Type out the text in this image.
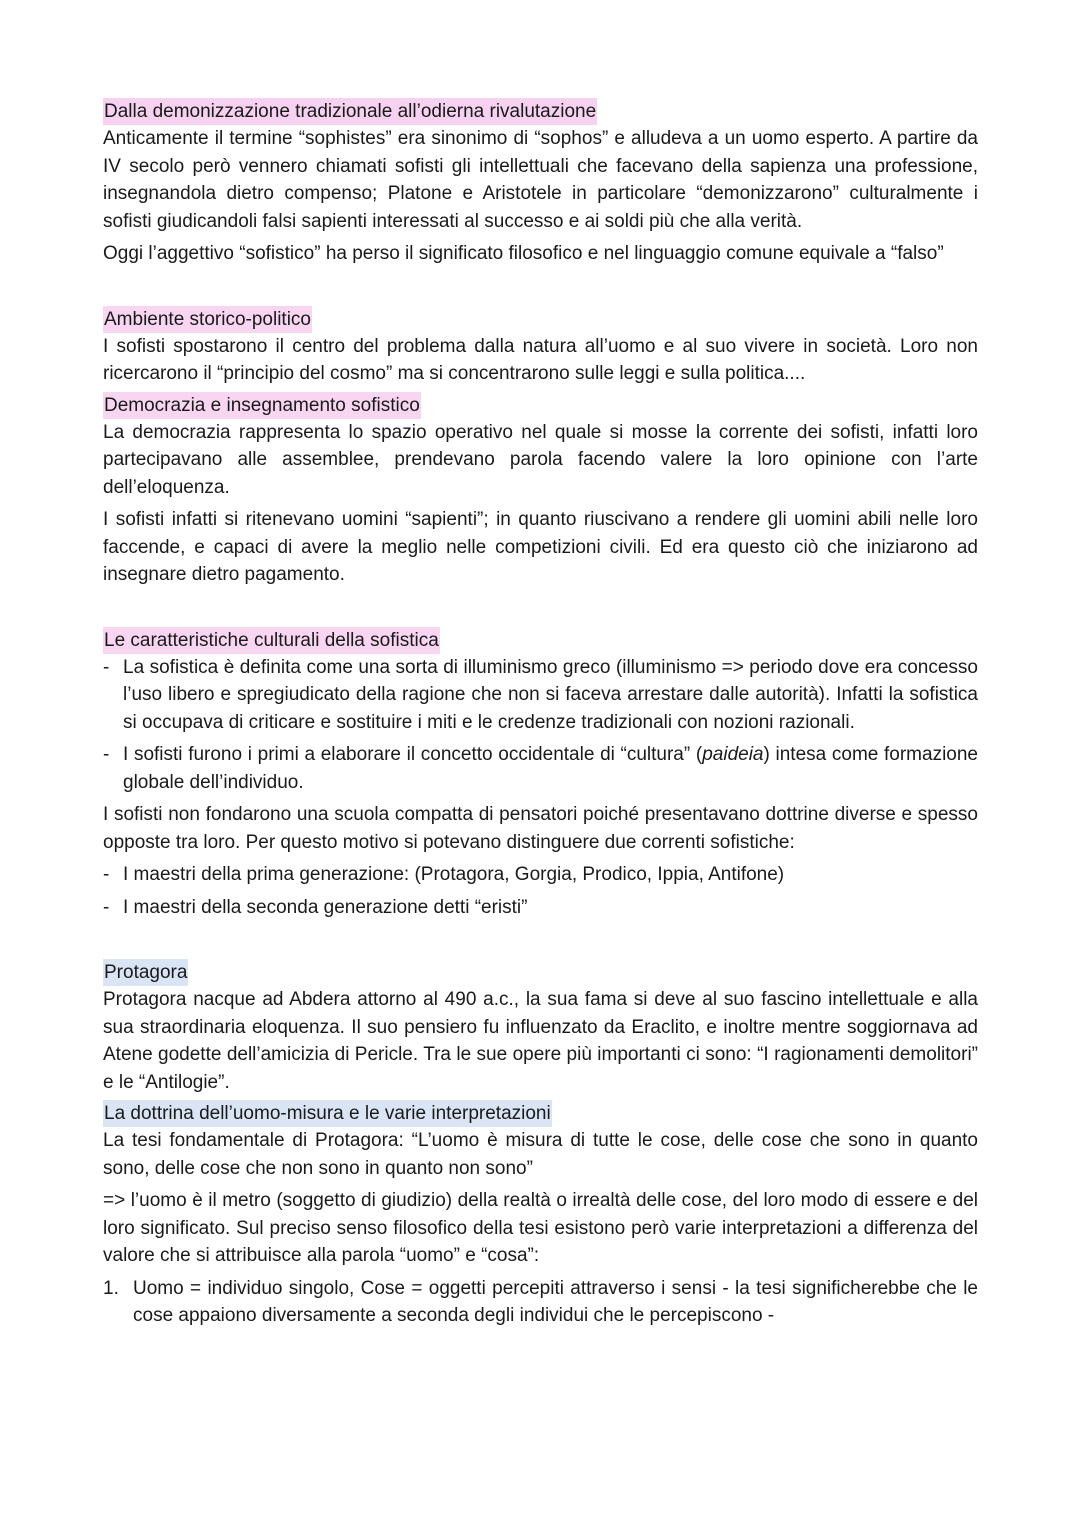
Dalla demonizzazione tradizionale all’odierna rivalutazione

Anticamente il termine “sophistes” era sinonimo di “sophos” e alludeva a un uomo esperto. A partire da IV secolo però vennero chiamati sofisti gli intellettuali che facevano della sapienza una professione, insegnandola dietro compenso; Platone e Aristotele in particolare “demonizzarono” culturalmente i sofisti giudicandoli falsi sapienti interessati al successo e ai soldi più che alla verità.

Oggi l’aggettivo “sofistico” ha perso il significato filosofico e nel linguaggio comune equivale a “falso”

Ambiente storico-politico

I sofisti spostarono il centro del problema dalla natura all’uomo e al suo vivere in società. Loro non ricercarono il “principio del cosmo” ma si concentrarono sulle leggi e sulla politica....

Democrazia e insegnamento sofistico

La democrazia rappresenta lo spazio operativo nel quale si mosse la corrente dei sofisti, infatti loro partecipavano alle assemblee, prendevano parola facendo valere la loro opinione con l’arte dell’eloquenza.

I sofisti infatti si ritenevano uomini “sapienti”; in quanto riuscivano a rendere gli uomini abili nelle loro faccende, e capaci di avere la meglio nelle competizioni civili. Ed era questo ciò che iniziarono ad insegnare dietro pagamento.

Le caratteristiche culturali della sofistica
- La sofistica è definita come una sorta di illuminismo greco (illuminismo => periodo dove era concesso l’uso libero e spregiudicato della ragione che non si faceva arrestare dalle autorità). Infatti la sofistica si occupava di criticare e sostituire i miti e le credenze tradizionali con nozioni razionali.
- I sofisti furono i primi a elaborare il concetto occidentale di “cultura” (paideia) intesa come formazione globale dell’individuo.

I sofisti non fondarono una scuola compatta di pensatori poiché presentavano dottrine diverse e spesso opposte tra loro. Per questo motivo si potevano distinguere due correnti sofistiche:

- I maestri della prima generazione: (Protagora, Gorgia, Prodico, Ippia, Antifone)
- I maestri della seconda generazione detti “eristi”
Protagora

Protagora nacque ad Abdera attorno al 490 a.c., la sua fama si deve al suo fascino intellettuale e alla sua straordinaria eloquenza. Il suo pensiero fu influenzato da Eraclito, e inoltre mentre soggiornava ad Atene godette dell’amicizia di Pericle. Tra le sue opere più importanti ci sono: “I ragionamenti demolitori” e le “Antilogie”.

La dottrina dell’uomo-misura e le varie interpretazioni

La tesi fondamentale di Protagora: “L’uomo è misura di tutte le cose, delle cose che sono in quanto sono, delle cose che non sono in quanto non sono”

=> l’uomo è il metro (soggetto di giudizio) della realtà o irrealtà delle cose, del loro modo di essere e del loro significato. Sul preciso senso filosofico della tesi esistono però varie interpretazioni a differenza del valore che si attribuisce alla parola “uomo” e “cosa”:

1. Uomo = individuo singolo, Cose = oggetti percepiti attraverso i sensi - la tesi significherebbe che le cose appaiono diversamente a seconda degli individui che le percepiscono -
